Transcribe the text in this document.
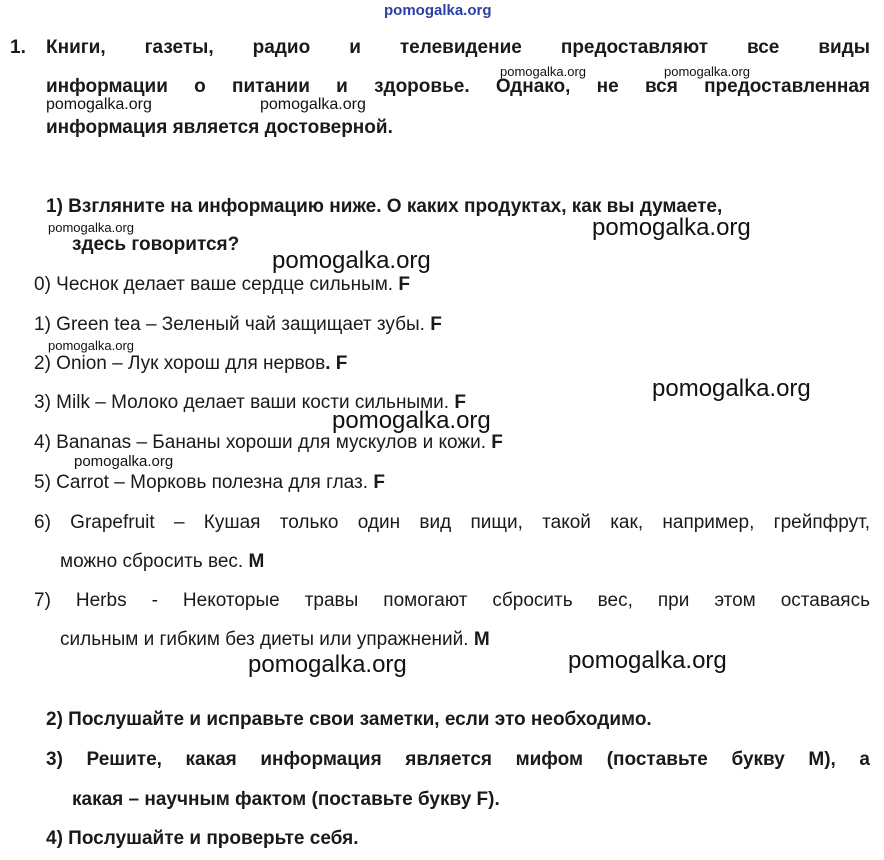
pomogalka.org
1. Книги, газеты, радио и телевидение предоставляют все виды
информации о питании и здоровье. Однако, не вся предоставленная
информация является достоверной.
1) Взгляните на информацию ниже. О каких продуктах, как вы думаете,
здесь говорится?
0) Чеснок делает ваше сердце сильным. F
1) Green tea – Зеленый чай защищает зубы. F
2) Onion – Лук хорош для нервов. F
3) Milk – Молоко делает ваши кости сильными. F
4) Bananas – Бананы хороши для мускулов и кожи. F
5) Carrot – Морковь полезна для глаз. F
6) Grapefruit – Кушая только один вид пищи, такой как, например, грейпфрут,
можно сбросить вес. M
7) Herbs - Некоторые травы помогают сбросить вес, при этом оставаясь
сильным и гибким без диеты или упражнений. M
2) Послушайте и исправьте свои заметки, если это необходимо.
3) Решите, какая информация является мифом (поставьте букву М), а
какая – научным фактом (поставьте букву F).
4) Послушайте и проверьте себя.
pomogalka.org	pomogalka.org
pomogalka.org	pomogalka.org
pomogalka.org
pomogalka.org
pomogalka.org
pomogalka.org
pomogalka.org
pomogalka.org
pomogalka.org
pomogalka.org	pomogalka.org
